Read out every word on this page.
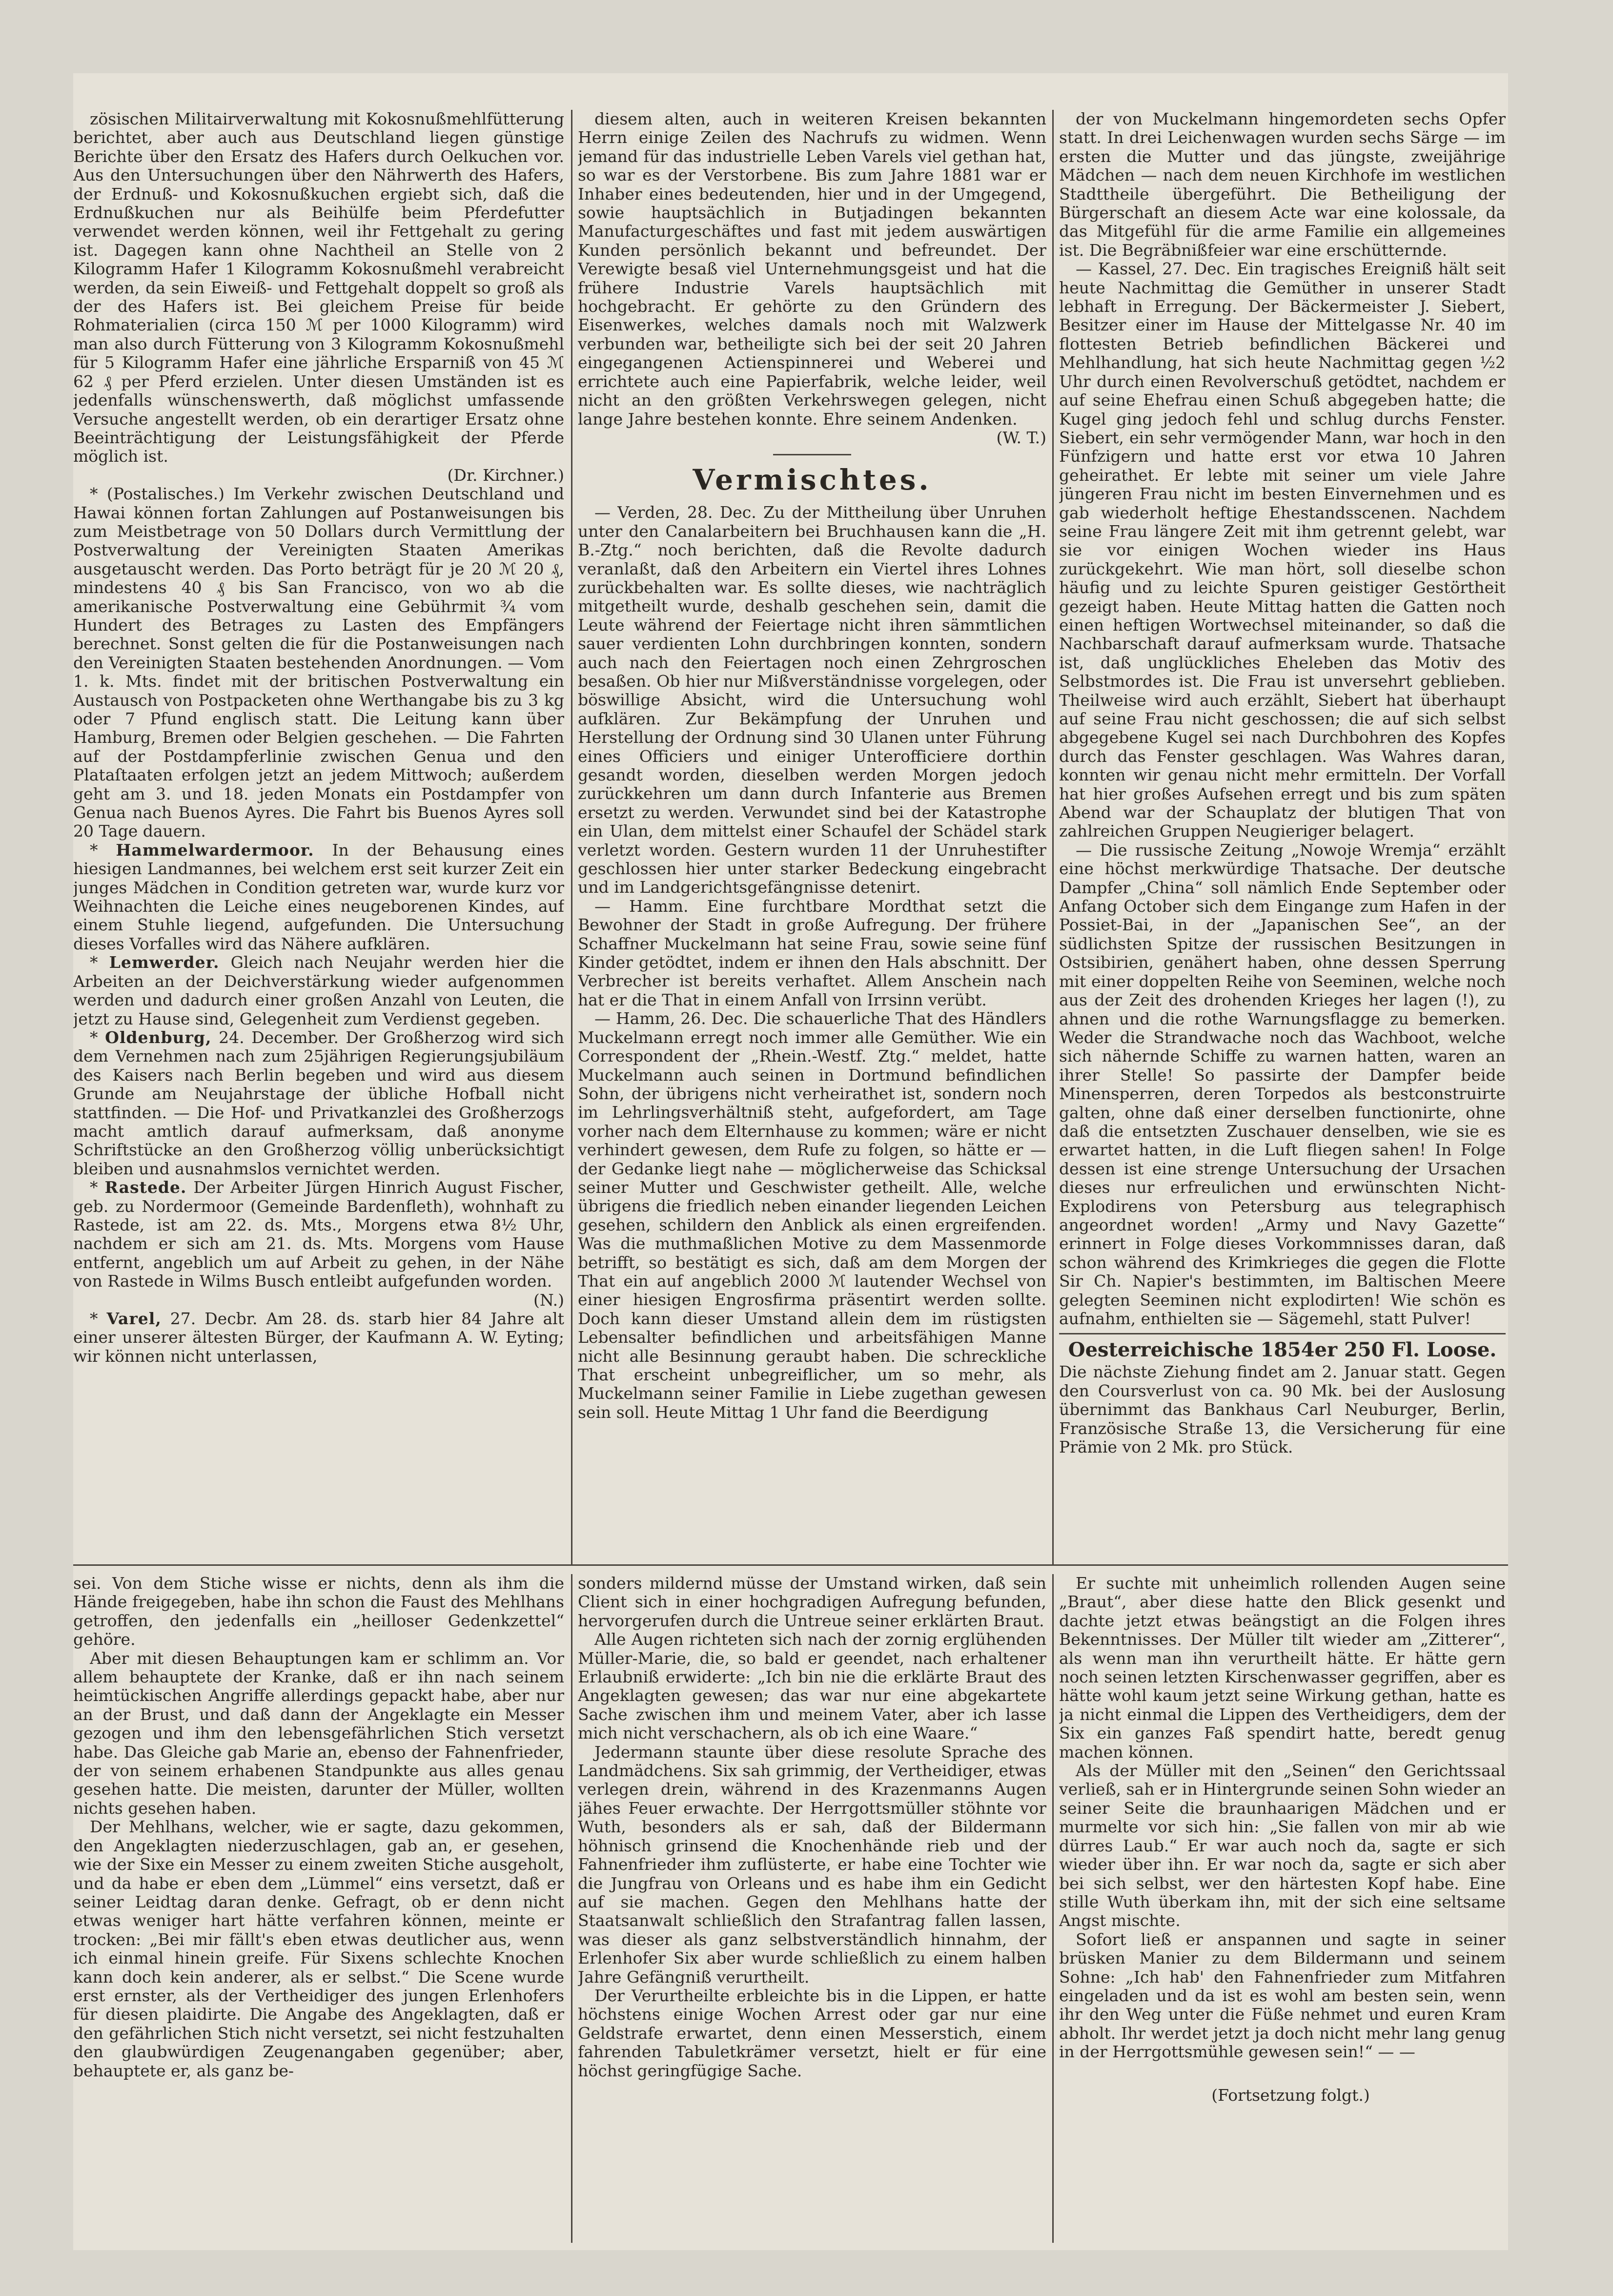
zösischen Militairverwaltung mit Kokosnußmehlfütterung berichtet, aber auch aus Deutschland liegen günstige Berichte über den Ersatz des Hafers durch Oelkuchen vor. Aus den Untersuchungen über den Nährwerth des Hafers, der Erdnuß- und Kokosnußkuchen ergiebt sich, daß die Erdnußkuchen nur als Beihülfe beim Pferdefutter verwendet werden können, weil ihr Fettgehalt zu gering ist. Dagegen kann ohne Nachtheil an Stelle von 2 Kilogramm Hafer 1 Kilogramm Kokosnußmehl verabreicht werden, da sein Eiweiß- und Fettgehalt doppelt so groß als der des Hafers ist. Bei gleichem Preise für beide Rohmaterialien (circa 150 ℳ per 1000 Kilogramm) wird man also durch Fütterung von 3 Kilogramm Kokosnußmehl für 5 Kilogramm Hafer eine jährliche Ersparniß von 45 ℳ 62 ₰ per Pferd erzielen. Unter diesen Umständen ist es jedenfalls wünschenswerth, daß möglichst umfassende Versuche angestellt werden, ob ein derartiger Ersatz ohne Beeinträchtigung der Leistungsfähigkeit der Pferde möglich ist.

(Dr. Kirchner.)

* (Postalisches.) Im Verkehr zwischen Deutschland und Hawai können fortan Zahlungen auf Postanweisungen bis zum Meistbetrage von 50 Dollars durch Vermittlung der Postverwaltung der Vereinigten Staaten Amerikas ausgetauscht werden. Das Porto beträgt für je 20 ℳ 20 ₰, mindestens 40 ₰ bis San Francisco, von wo ab die amerikanische Postverwaltung eine Gebührmit ¾ vom Hundert des Betrages zu Lasten des Empfängers berechnet. Sonst gelten die für die Postanweisungen nach den Vereinigten Staaten bestehenden Anordnungen. — Vom 1. k. Mts. findet mit der britischen Postverwaltung ein Austausch von Postpacketen ohne Werthangabe bis zu 3 kg oder 7 Pfund englisch statt. Die Leitung kann über Hamburg, Bremen oder Belgien geschehen. — Die Fahrten auf der Postdampferlinie zwischen Genua und den Plataſtaaten erfolgen jetzt an jedem Mittwoch; außerdem geht am 3. und 18. jeden Monats ein Postdampfer von Genua nach Buenos Ayres. Die Fahrt bis Buenos Ayres soll 20 Tage dauern.

* Hammelwardermoor. In der Behausung eines hiesigen Landmannes, bei welchem erst seit kurzer Zeit ein junges Mädchen in Condition getreten war, wurde kurz vor Weihnachten die Leiche eines neugeborenen Kindes, auf einem Stuhle liegend, aufgefunden. Die Untersuchung dieses Vorfalles wird das Nähere aufklären.

* Lemwerder. Gleich nach Neujahr werden hier die Arbeiten an der Deichverstärkung wieder aufgenommen werden und dadurch einer großen Anzahl von Leuten, die jetzt zu Hause sind, Gelegenheit zum Verdienst gegeben.

* Oldenburg, 24. December. Der Großherzog wird sich dem Vernehmen nach zum 25jährigen Regierungsjubiläum des Kaisers nach Berlin begeben und wird aus diesem Grunde am Neujahrstage der übliche Hofball nicht stattfinden. — Die Hof- und Privatkanzlei des Großherzogs macht amtlich darauf aufmerksam, daß anonyme Schriftstücke an den Großherzog völlig unberücksichtigt bleiben und ausnahmslos vernichtet werden.

* Rastede. Der Arbeiter Jürgen Hinrich August Fischer, geb. zu Nordermoor (Gemeinde Bardenfleth), wohnhaft zu Rastede, ist am 22. ds. Mts., Morgens etwa 8½ Uhr, nachdem er sich am 21. ds. Mts. Morgens vom Hause entfernt, angeblich um auf Arbeit zu gehen, in der Nähe von Rastede in Wilms Busch entleibt aufgefunden worden.

(N.)

* Varel, 27. Decbr. Am 28. ds. starb hier 84 Jahre alt einer unserer ältesten Bürger, der Kaufmann A. W. Eyting; wir können nicht unterlassen,

diesem alten, auch in weiteren Kreisen bekannten Herrn einige Zeilen des Nachrufs zu widmen. Wenn jemand für das industrielle Leben Varels viel gethan hat, so war es der Verstorbene. Bis zum Jahre 1881 war er Inhaber eines bedeutenden, hier und in der Umgegend, sowie hauptsächlich in Butjadingen bekannten Manufacturgeschäftes und fast mit jedem auswärtigen Kunden persönlich bekannt und befreundet. Der Verewigte besaß viel Unternehmungsgeist und hat die frühere Industrie Varels hauptsächlich mit hochgebracht. Er gehörte zu den Gründern des Eisenwerkes, welches damals noch mit Walzwerk verbunden war, betheiligte sich bei der seit 20 Jahren eingegangenen Actienspinnerei und Weberei und errichtete auch eine Papierfabrik, welche leider, weil nicht an den größten Verkehrswegen gelegen, nicht lange Jahre bestehen konnte. Ehre seinem Andenken.

(W. T.)

Vermischtes.

— Verden, 28. Dec. Zu der Mittheilung über Unruhen unter den Canalarbeitern bei Bruchhausen kann die „H. B.-Ztg.“ noch berichten, daß die Revolte dadurch veranlaßt, daß den Arbeitern ein Viertel ihres Lohnes zurückbehalten war. Es sollte dieses, wie nachträglich mitgetheilt wurde, deshalb geschehen sein, damit die Leute während der Feiertage nicht ihren sämmtlichen sauer verdienten Lohn durchbringen konnten, sondern auch nach den Feiertagen noch einen Zehrgroschen besaßen. Ob hier nur Mißverständnisse vorgelegen, oder böswillige Absicht, wird die Untersuchung wohl aufklären. Zur Bekämpfung der Unruhen und Herstellung der Ordnung sind 30 Ulanen unter Führung eines Officiers und einiger Unterofficiere dorthin gesandt worden, dieselben werden Morgen jedoch zurückkehren um dann durch Infanterie aus Bremen ersetzt zu werden. Verwundet sind bei der Katastrophe ein Ulan, dem mittelst einer Schaufel der Schädel stark verletzt worden. Gestern wurden 11 der Unruhestifter geschlossen hier unter starker Bedeckung eingebracht und im Landgerichtsgefängnisse detenirt.

— Hamm. Eine furchtbare Mordthat setzt die Bewohner der Stadt in große Aufregung. Der frühere Schaffner Muckelmann hat seine Frau, sowie seine fünf Kinder getödtet, indem er ihnen den Hals abschnitt. Der Verbrecher ist bereits verhaftet. Allem Anschein nach hat er die That in einem Anfall von Irrsinn verübt.

— Hamm, 26. Dec. Die schauerliche That des Händlers Muckelmann erregt noch immer alle Gemüther. Wie ein Correspondent der „Rhein.-Westf. Ztg.“ meldet, hatte Muckelmann auch seinen in Dortmund befindlichen Sohn, der übrigens nicht verheirathet ist, sondern noch im Lehrlingsverhältniß steht, aufgefordert, am Tage vorher nach dem Elternhause zu kommen; wäre er nicht verhindert gewesen, dem Rufe zu folgen, so hätte er — der Gedanke liegt nahe — möglicherweise das Schicksal seiner Mutter und Geschwister getheilt. Alle, welche übrigens die friedlich neben einander liegenden Leichen gesehen, schildern den Anblick als einen ergreifenden. Was die muthmaßlichen Motive zu dem Massenmorde betrifft, so bestätigt es sich, daß am dem Morgen der That ein auf angeblich 2000 ℳ lautender Wechsel von einer hiesigen Engrosfirma präsentirt werden sollte. Doch kann dieser Umstand allein dem im rüstigsten Lebensalter befindlichen und arbeitsfähigen Manne nicht alle Besinnung geraubt haben. Die schreckliche That erscheint unbegreiflicher, um so mehr, als Muckelmann seiner Familie in Liebe zugethan gewesen sein soll. Heute Mittag 1 Uhr fand die Beerdigung

der von Muckelmann hingemordeten sechs Opfer statt. In drei Leichenwagen wurden sechs Särge — im ersten die Mutter und das jüngste, zweijährige Mädchen — nach dem neuen Kirchhofe im westlichen Stadttheile übergeführt. Die Betheiligung der Bürgerschaft an diesem Acte war eine kolossale, da das Mitgefühl für die arme Familie ein allgemeines ist. Die Begräbnißfeier war eine erschütternde.

— Kassel, 27. Dec. Ein tragisches Ereigniß hält seit heute Nachmittag die Gemüther in unserer Stadt lebhaft in Erregung. Der Bäckermeister J. Siebert, Besitzer einer im Hause der Mittelgasse Nr. 40 im flottesten Betrieb befindlichen Bäckerei und Mehlhandlung, hat sich heute Nachmittag gegen ½2 Uhr durch einen Revolverschuß getödtet, nachdem er auf seine Ehefrau einen Schuß abgegeben hatte; die Kugel ging jedoch fehl und schlug durchs Fenster. Siebert, ein sehr vermögender Mann, war hoch in den Fünfzigern und hatte erst vor etwa 10 Jahren geheirathet. Er lebte mit seiner um viele Jahre jüngeren Frau nicht im besten Einvernehmen und es gab wiederholt heftige Ehestandsscenen. Nachdem seine Frau längere Zeit mit ihm getrennt gelebt, war sie vor einigen Wochen wieder ins Haus zurückgekehrt. Wie man hört, soll dieselbe schon häufig und zu leichte Spuren geistiger Gestörtheit gezeigt haben. Heute Mittag hatten die Gatten noch einen heftigen Wortwechsel miteinander, so daß die Nachbarschaft darauf aufmerksam wurde. Thatsache ist, daß unglückliches Eheleben das Motiv des Selbstmordes ist. Die Frau ist unversehrt geblieben. Theilweise wird auch erzählt, Siebert hat überhaupt auf seine Frau nicht geschossen; die auf sich selbst abgegebene Kugel sei nach Durchbohren des Kopfes durch das Fenster geschlagen. Was Wahres daran, konnten wir genau nicht mehr ermitteln. Der Vorfall hat hier großes Aufsehen erregt und bis zum späten Abend war der Schauplatz der blutigen That von zahlreichen Gruppen Neugieriger belagert.

— Die russische Zeitung „Nowoje Wremja“ erzählt eine höchst merkwürdige Thatsache. Der deutsche Dampfer „China“ soll nämlich Ende September oder Anfang October sich dem Eingange zum Hafen in der Possiet-Bai, in der „Japanischen See“, an der südlichsten Spitze der russischen Besitzungen in Ostsibirien, genähert haben, ohne dessen Sperrung mit einer doppelten Reihe von Seeminen, welche noch aus der Zeit des drohenden Krieges her lagen (!), zu ahnen und die rothe Warnungsflagge zu bemerken. Weder die Strandwache noch das Wachboot, welche sich nähernde Schiffe zu warnen hatten, waren an ihrer Stelle! So passirte der Dampfer beide Minensperren, deren Torpedos als bestconstruirte galten, ohne daß einer derselben functionirte, ohne daß die entsetzten Zuschauer denselben, wie sie es erwartet hatten, in die Luft fliegen sahen! In Folge dessen ist eine strenge Untersuchung der Ursachen dieses nur erfreulichen und erwünschten Nicht-Explodirens von Petersburg aus telegraphisch angeordnet worden! „Army und Navy Gazette“ erinnert in Folge dieses Vorkommnisses daran, daß schon während des Krimkrieges die gegen die Flotte Sir Ch. Napier's bestimmten, im Baltischen Meere gelegten Seeminen nicht explodirten! Wie schön es aufnahm, enthielten sie — Sägemehl, statt Pulver!

Oesterreichische 1854er 250 Fl. Loose.

Die nächste Ziehung findet am 2. Januar statt. Gegen den Coursverlust von ca. 90 Mk. bei der Auslosung übernimmt das Bankhaus Carl Neuburger, Berlin, Französische Straße 13, die Versicherung für eine Prämie von 2 Mk. pro Stück.

sei. Von dem Stiche wisse er nichts, denn als ihm die Hände freigegeben, habe ihn schon die Faust des Mehlhans getroffen, den jedenfalls ein „heilloser Gedenkzettel“ gehöre.

Aber mit diesen Behauptungen kam er schlimm an. Vor allem behauptete der Kranke, daß er ihn nach seinem heimtückischen Angriffe allerdings gepackt habe, aber nur an der Brust, und daß dann der Angeklagte ein Messer gezogen und ihm den lebensgefährlichen Stich versetzt habe. Das Gleiche gab Marie an, ebenso der Fahnenfrieder, der von seinem erhabenen Standpunkte aus alles genau gesehen hatte. Die meisten, darunter der Müller, wollten nichts gesehen haben.

Der Mehlhans, welcher, wie er sagte, dazu gekommen, den Angeklagten niederzuschlagen, gab an, er gesehen, wie der Sixe ein Messer zu einem zweiten Stiche ausgeholt, und da habe er eben dem „Lümmel“ eins versetzt, daß er seiner Leidtag daran denke. Gefragt, ob er denn nicht etwas weniger hart hätte verfahren können, meinte er trocken: „Bei mir fällt's eben etwas deutlicher aus, wenn ich einmal hinein greife. Für Sixens schlechte Knochen kann doch kein anderer, als er selbst.“ Die Scene wurde erst ernster, als der Vertheidiger des jungen Erlenhofers für diesen plaidirte. Die Angabe des Angeklagten, daß er den gefährlichen Stich nicht versetzt, sei nicht festzuhalten den glaubwürdigen Zeugenangaben gegenüber; aber, behauptete er, als ganz be-

sonders mildernd müsse der Umstand wirken, daß sein Client sich in einer hochgradigen Aufregung befunden, hervorgerufen durch die Untreue seiner erklärten Braut.

Alle Augen richteten sich nach der zornig erglühenden Müller-Marie, die, so bald er geendet, nach erhaltener Erlaubniß erwiderte: „Ich bin nie die erklärte Braut des Angeklagten gewesen; das war nur eine abgekartete Sache zwischen ihm und meinem Vater, aber ich lasse mich nicht verschachern, als ob ich eine Waare.“

Jedermann staunte über diese resolute Sprache des Landmädchens. Six sah grimmig, der Vertheidiger, etwas verlegen drein, während in des Krazenmanns Augen jähes Feuer erwachte. Der Herrgottsmüller stöhnte vor Wuth, besonders als er sah, daß der Bildermann höhnisch grinsend die Knochenhände rieb und der Fahnenfrieder ihm zuflüsterte, er habe eine Tochter wie die Jungfrau von Orleans und es habe ihm ein Gedicht auf sie machen. Gegen den Mehlhans hatte der Staatsanwalt schließlich den Strafantrag fallen lassen, was dieser als ganz selbstverständlich hinnahm, der Erlenhofer Six aber wurde schließlich zu einem halben Jahre Gefängniß verurtheilt.

Der Verurtheilte erbleichte bis in die Lippen, er hatte höchstens einige Wochen Arrest oder gar nur eine Geldstrafe erwartet, denn einen Messerstich, einem fahrenden Tabuletkrämer versetzt, hielt er für eine höchst geringfügige Sache.

Er suchte mit unheimlich rollenden Augen seine „Braut“, aber diese hatte den Blick gesenkt und dachte jetzt etwas beängstigt an die Folgen ihres Bekenntnisses. Der Müller tilt wieder am „Zitterer“, als wenn man ihn verurtheilt hätte. Er hätte gern noch seinen letzten Kirschenwasser gegriffen, aber es hätte wohl kaum jetzt seine Wirkung gethan, hatte es ja nicht einmal die Lippen des Vertheidigers, dem der Six ein ganzes Faß spendirt hatte, beredt genug machen können.

Als der Müller mit den „Seinen“ den Gerichtssaal verließ, sah er in Hintergrunde seinen Sohn wieder an seiner Seite die braunhaarigen Mädchen und er murmelte vor sich hin: „Sie fallen von mir ab wie dürres Laub.“ Er war auch noch da, sagte er sich wieder über ihn. Er war noch da, sagte er sich aber bei sich selbst, wer den härtesten Kopf habe. Eine stille Wuth überkam ihn, mit der sich eine seltsame Angst mischte.

Sofort ließ er anspannen und sagte in seiner brüsken Manier zu dem Bildermann und seinem Sohne: „Ich hab' den Fahnenfrieder zum Mitfahren eingeladen und da ist es wohl am besten sein, wenn ihr den Weg unter die Füße nehmet und euren Kram abholt. Ihr werdet jetzt ja doch nicht mehr lang genug in der Herrgottsmühle gewesen sein!“ — —

(Fortsetzung folgt.)
